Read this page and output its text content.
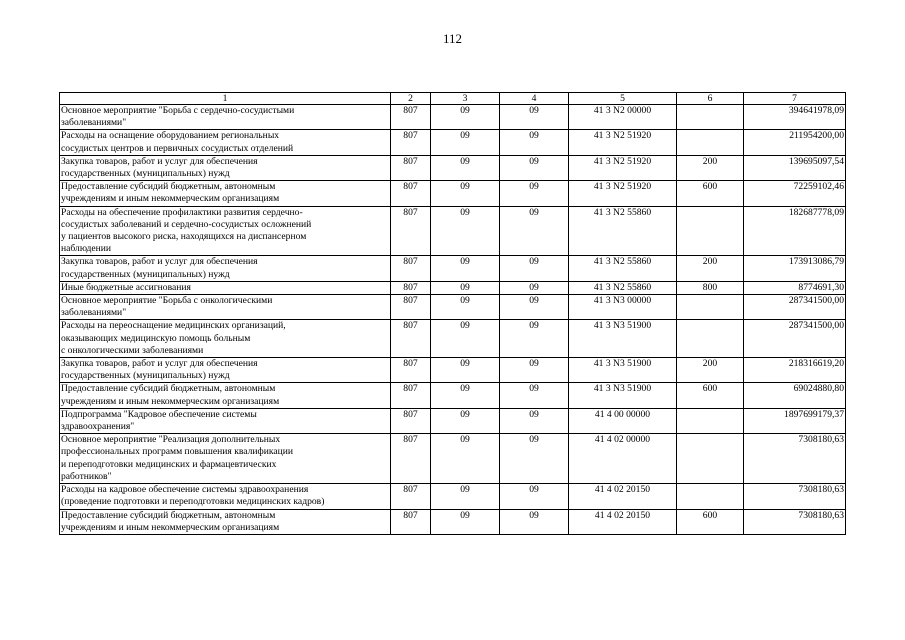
112
1	2	3	4	5	6	7
Основное мероприятие "Борьба с сердечно-сосудистыми
заболеваниями"	807	09	09	41 3 N2 00000		394641978,09
Расходы на оснащение оборудованием региональных
сосудистых центров и первичных сосудистых отделений	807	09	09	41 3 N2 51920		211954200,00
Закупка товаров, работ и услуг для обеспечения
государственных (муниципальных) нужд	807	09	09	41 3 N2 51920	200	139695097,54
Предоставление субсидий бюджетным, автономным
учреждениям и иным некоммерческим организациям	807	09	09	41 3 N2 51920	600	72259102,46
Расходы на обеспечение профилактики развития сердечно-
сосудистых заболеваний и сердечно-сосудистых осложнений
у пациентов высокого риска, находящихся на диспансерном
наблюдении	807	09	09	41 3 N2 55860		182687778,09
Закупка товаров, работ и услуг для обеспечения
государственных (муниципальных) нужд	807	09	09	41 3 N2 55860	200	173913086,79
Иные бюджетные ассигнования	807	09	09	41 3 N2 55860	800	8774691,30
Основное мероприятие "Борьба с онкологическими
заболеваниями"	807	09	09	41 3 N3 00000		287341500,00
Расходы на переоснащение медицинских организаций,
оказывающих медицинскую помощь больным
с онкологическими заболеваниями	807	09	09	41 3 N3 51900		287341500,00
Закупка товаров, работ и услуг для обеспечения
государственных (муниципальных) нужд	807	09	09	41 3 N3 51900	200	218316619,20
Предоставление субсидий бюджетным, автономным
учреждениям и иным некоммерческим организациям	807	09	09	41 3 N3 51900	600	69024880,80
Подпрограмма "Кадровое обеспечение системы
здравоохранения"	807	09	09	41 4 00 00000		1897699179,37
Основное мероприятие "Реализация дополнительных
профессиональных программ повышения квалификации
и переподготовки медицинских и фармацевтических
работников"	807	09	09	41 4 02 00000		7308180,63
Расходы на кадровое обеспечение системы здравоохранения
(проведение подготовки и переподготовки медицинских кадров)	807	09	09	41 4 02 20150		7308180,63
Предоставление субсидий бюджетным, автономным
учреждениям и иным некоммерческим организациям	807	09	09	41 4 02 20150	600	7308180,63
